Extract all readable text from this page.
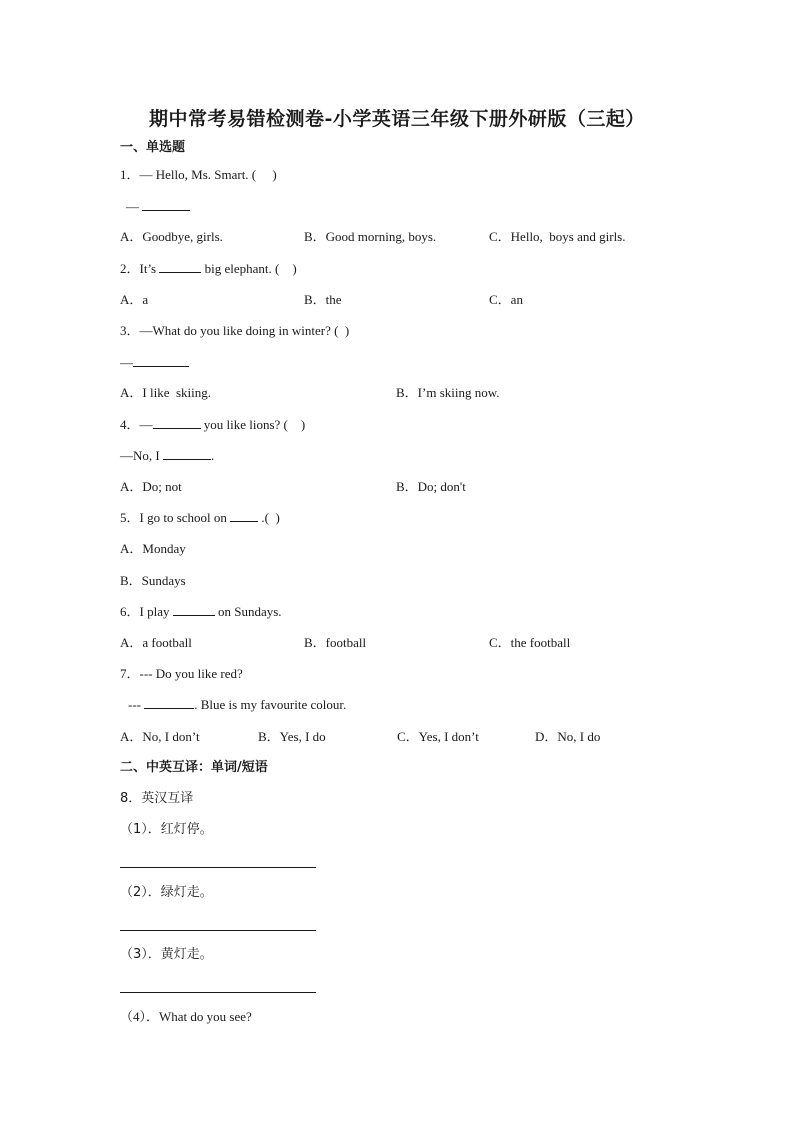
期中常考易错检测卷-小学英语三年级下册外研版（三起）
一、单选题
1．— Hello, Ms. Smart. (　 )
—
A．Goodbye, girls.	B．Good morning, boys.	C．Hello,  boys and girls.
2．It’s	big elephant. (　)
A．a	B．the	C．an
3．—What do you like doing in winter? (  )
—
A．I like  skiing.	B．I’m skiing now.
4．—	you like lions? (　)
—No, I	.
A．Do; not	B．Do; don't
5．I go to school on	.(  )
A．Monday
B．Sundays
6．I play	on Sundays.
A．a football	B．football	C．the football
7．--- Do you like red?
---	. Blue is my favourite colour.
A．No, I don’t	B．Yes, I do	C．Yes, I don’t	D．No, I do
二、中英互译：单词/短语
8．英汉互译
（1）．红灯停。
（2）．绿灯走。
（3）．黄灯走。
（4）．What do you see?
